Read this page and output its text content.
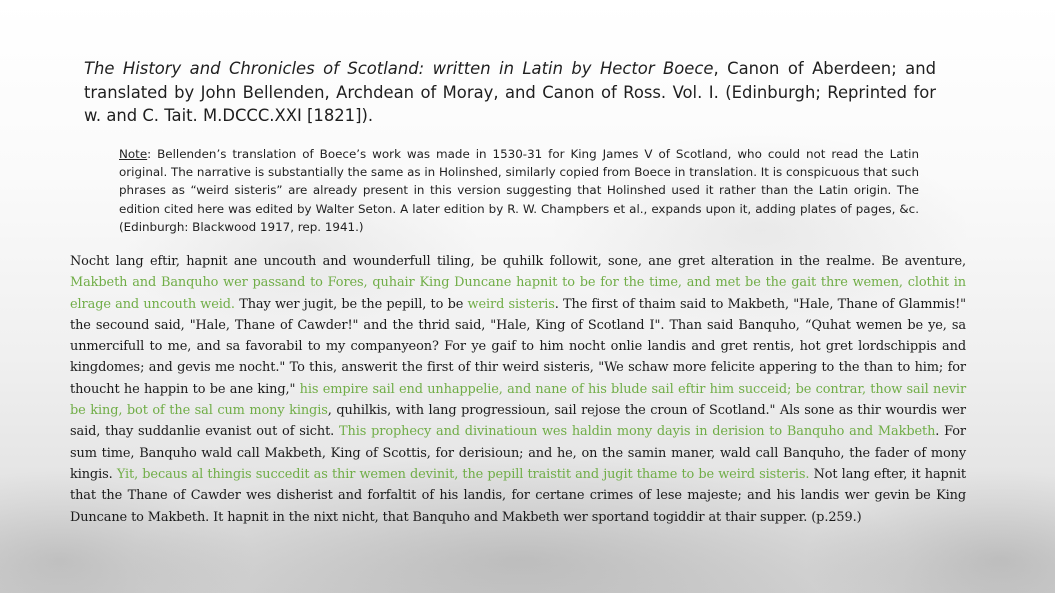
The History and Chronicles of Scotland: written in Latin by Hector Boece, Canon of Aberdeen; and translated by John Bellenden, Archdean of Moray, and Canon of Ross. Vol. I. (Edinburgh; Reprinted for w. and C. Tait. M.DCCC.XXI [1821]).

Note: Bellenden’s translation of Boece’s work was made in 1530-31 for King James V of Scotland, who could not read the Latin original. The narrative is substantially the same as in Holinshed, similarly copied from Boece in translation. It is conspicuous that such phrases as “weird sisteris” are already present in this version suggesting that Holinshed used it rather than the Latin origin. The edition cited here was edited by Walter Seton. A later edition by R. W. Champbers et al., expands upon it, adding plates of pages, &c. (Edinburgh: Blackwood 1917, rep. 1941.)

Nocht lang eftir, hapnit ane uncouth and wounderfull tiling, be quhilk followit, sone, ane gret alteration in the realme. Be aventure, Makbeth and Banquho wer passand to Fores, quhair King Duncane hapnit to be for the time, and met be the gait thre wemen, clothit in elrage and uncouth weid. Thay wer jugit, be the pepill, to be weird sisteris. The first of thaim said to Makbeth, "Hale, Thane of Glammis!" the secound said, "Hale, Thane of Cawder!" and the thrid said, "Hale, King of Scotland I". Than said Banquho, “Quhat wemen be ye, sa unmercifull to me, and sa favorabil to my companyeon? For ye gaif to him nocht onlie landis and gret rentis, hot gret lordschippis and kingdomes; and gevis me nocht." To this, answerit the first of thir weird sisteris, "We schaw more felicite appering to the than to him; for thoucht he happin to be ane king," his empire sail end unhappelie, and nane of his blude sail eftir him succeid; be contrar, thow sail nevir be king, bot of the sal cum mony kingis, quhilkis, with lang progressioun, sail rejose the croun of Scotland." Als sone as thir wourdis wer said, thay suddanlie evanist out of sicht. This prophecy and divinatioun wes haldin mony dayis in derision to Banquho and Makbeth. For sum time, Banquho wald call Makbeth, King of Scottis, for derisioun; and he, on the samin maner, wald call Banquho, the fader of mony kingis. Yit, becaus al thingis succedit as thir wemen devinit, the pepill traistit and jugit thame to be weird sisteris. Not lang efter, it hapnit that the Thane of Cawder wes disherist and forfaltit of his landis, for certane crimes of lese majeste; and his landis wer gevin be King Duncane to Makbeth. It hapnit in the nixt nicht, that Banquho and Makbeth wer sportand togiddir at thair supper. (p.259.)
